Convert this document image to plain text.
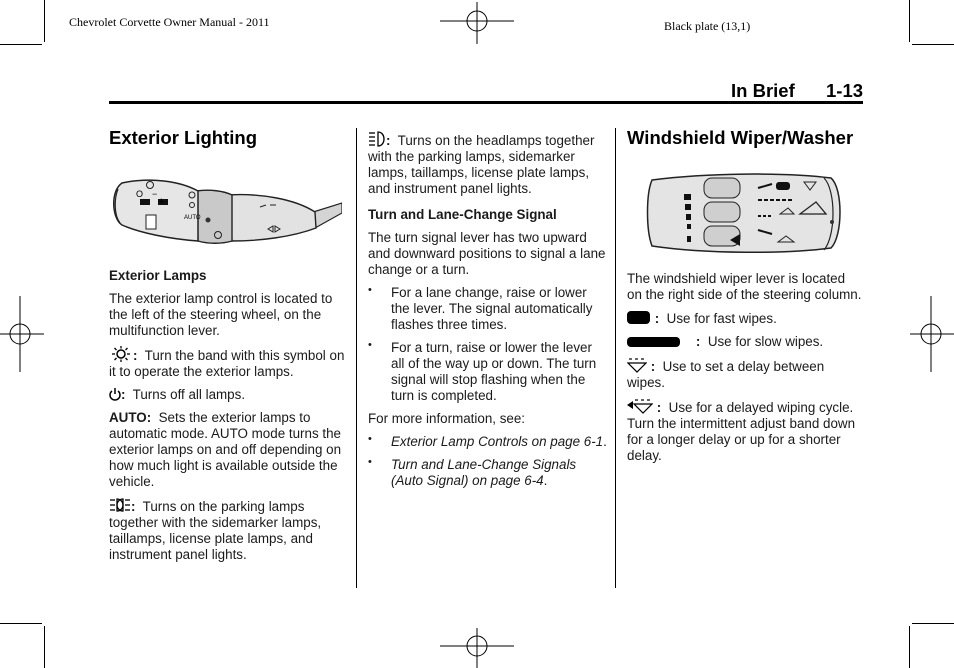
Chevrolet Corvette Owner Manual - 2011	Black plate (13,1)
In Brief 1-13
Exterior Lighting
O −
+
AUTO

Exterior Lamps

The exterior lamp control is located to the left of the steering wheel, on the multifunction lever.

: Turn the band with this symbol on it to operate the exterior lamps.

: Turns off all lamps.

AUTO: Sets the exterior lamps to automatic mode. AUTO mode turns the exterior lamps on and off depending on how much light is available outside the vehicle.

: Turns on the parking lamps together with the sidemarker lamps, taillamps, license plate lamps, and instrument panel lights.

: Turns on the headlamps together with the parking lamps, sidemarker lamps, taillamps, license plate lamps, and instrument panel lights.

Turn and Lane-Change Signal

The turn signal lever has two upward and downward positions to signal a lane change or a turn.

• For a lane change, raise or lower the lever. The signal automatically flashes three times.
• For a turn, raise or lower the lever all of the way up or down. The turn signal will stop flashing when the turn is completed.

For more information, see:

• Exterior Lamp Controls on page 6-1.
• Turn and Lane-Change Signals (Auto Signal) on page 6-4.
Windshield Wiper/Washer

The windshield wiper lever is located on the right side of the steering column.

: Use for fast wipes.

: Use for slow wipes.

: Use to set a delay between wipes.

: Use for a delayed wiping cycle. Turn the intermittent adjust band down for a longer delay or up for a shorter delay.
